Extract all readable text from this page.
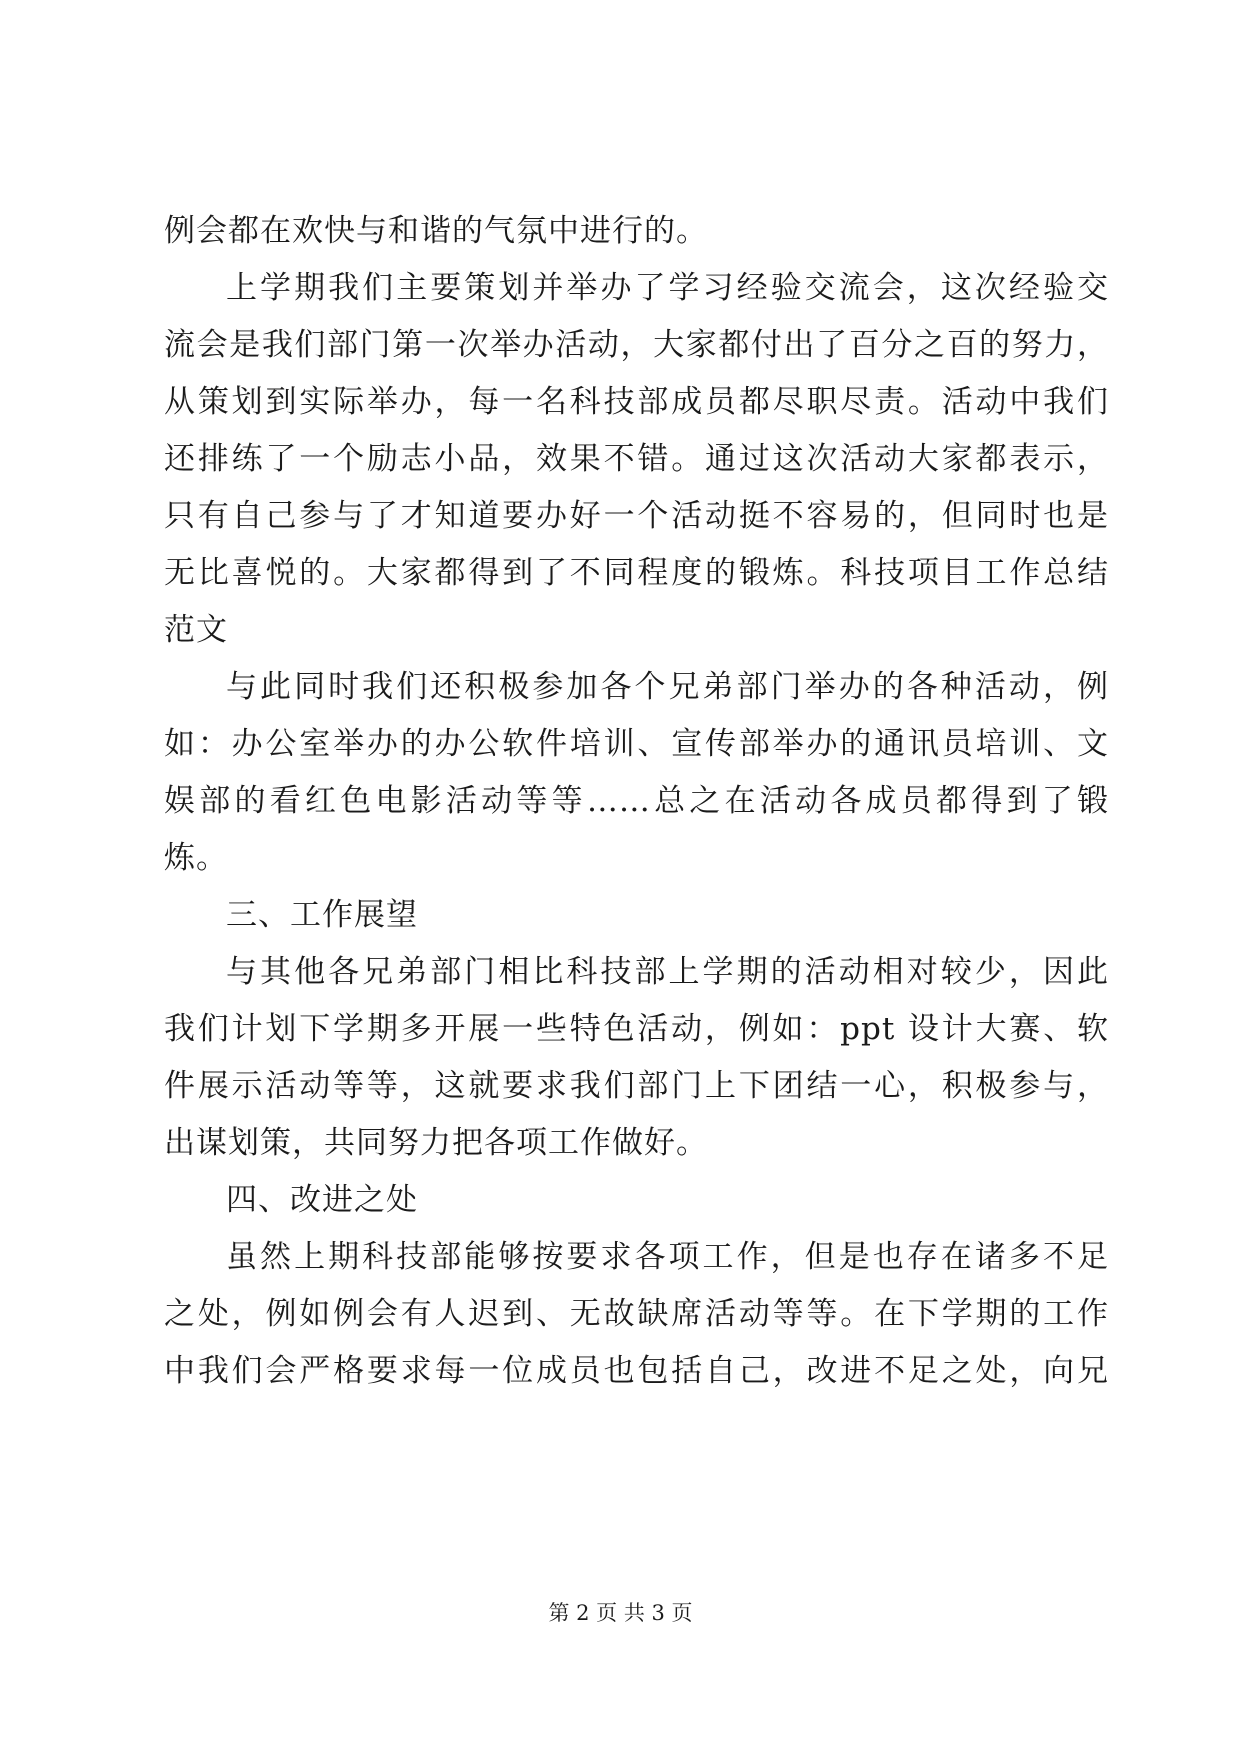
例会都在欢快与和谐的气氛中进行的。
上学期我们主要策划并举办了学习经验交流会，这次经验交
流会是我们部门第一次举办活动，大家都付出了百分之百的努力，
从策划到实际举办，每一名科技部成员都尽职尽责。活动中我们
还排练了一个励志小品，效果不错。通过这次活动大家都表示，
只有自己参与了才知道要办好一个活动挺不容易的，但同时也是
无比喜悦的。大家都得到了不同程度的锻炼。科技项目工作总结
范文
与此同时我们还积极参加各个兄弟部门举办的各种活动，例
如：办公室举办的办公软件培训、宣传部举办的通讯员培训、文
娱部的看红色电影活动等等……总之在活动各成员都得到了锻
炼。
三、工作展望
与其他各兄弟部门相比科技部上学期的活动相对较少，因此
我们计划下学期多开展一些特色活动，例如：ppt 设计大赛、软
件展示活动等等，这就要求我们部门上下团结一心，积极参与，
出谋划策，共同努力把各项工作做好。
四、改进之处
虽然上期科技部能够按要求各项工作，但是也存在诸多不足
之处，例如例会有人迟到、无故缺席活动等等。在下学期的工作
中我们会严格要求每一位成员也包括自己，改进不足之处，向兄
第 2 页 共 3 页
